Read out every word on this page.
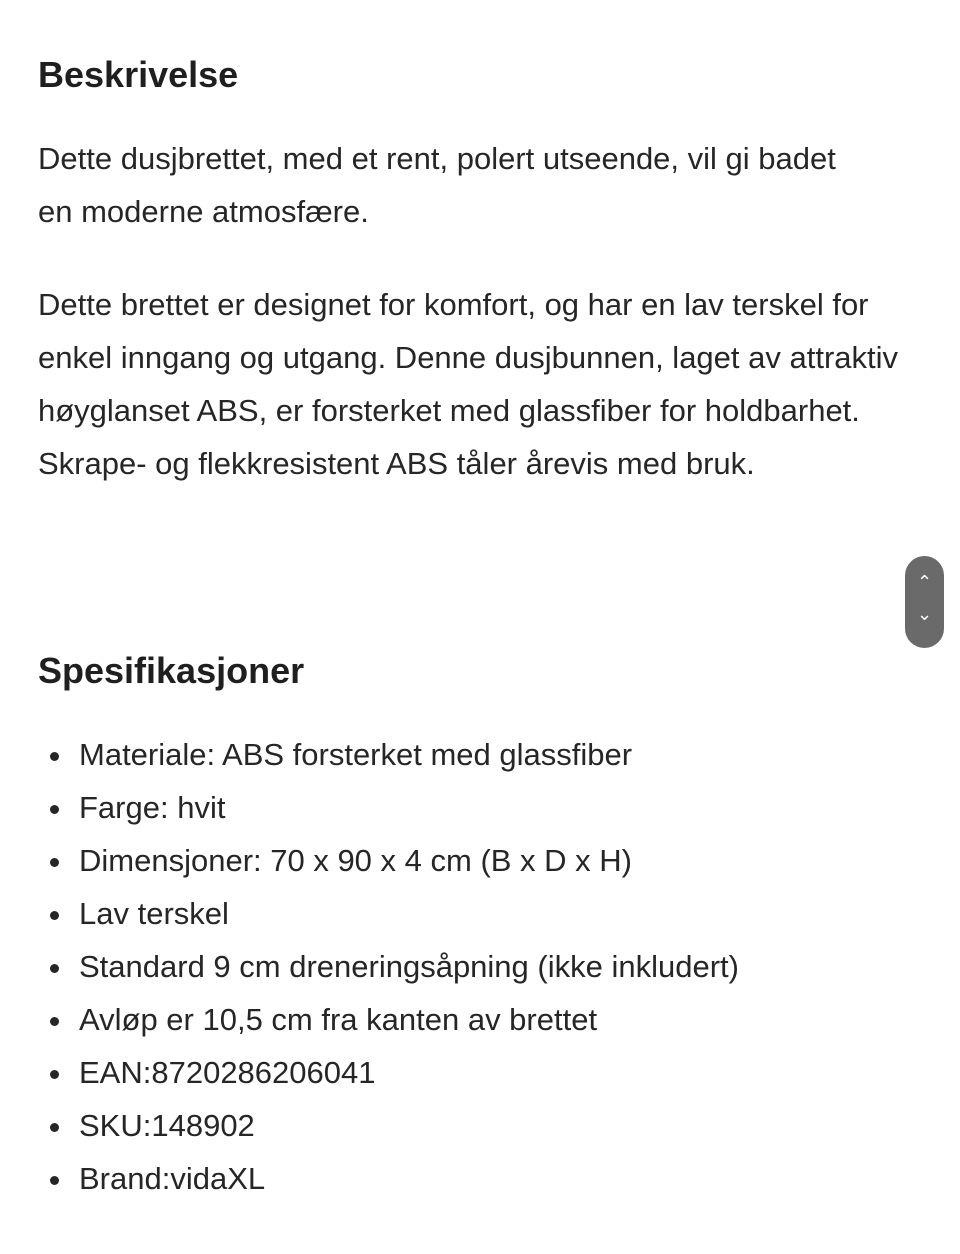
Beskrivelse

Dette dusjbrettet, med et rent, polert utseende, vil gi badet en moderne atmosfære.

Dette brettet er designet for komfort, og har en lav terskel for enkel inngang og utgang. Denne dusjbunnen, laget av attraktiv høyglanset ABS, er forsterket med glassfiber for holdbarhet. Skrape- og flekkresistent ABS tåler årevis med bruk.

⌃
⌄
Spesifikasjoner
Materiale: ABS forsterket med glassfiber
Farge: hvit
Dimensjoner: 70 x 90 x 4 cm (B x D x H)
Lav terskel
Standard 9 cm dreneringsåpning (ikke inkludert)
Avløp er 10,5 cm fra kanten av brettet
EAN:8720286206041
SKU:148902
Brand:vidaXL
